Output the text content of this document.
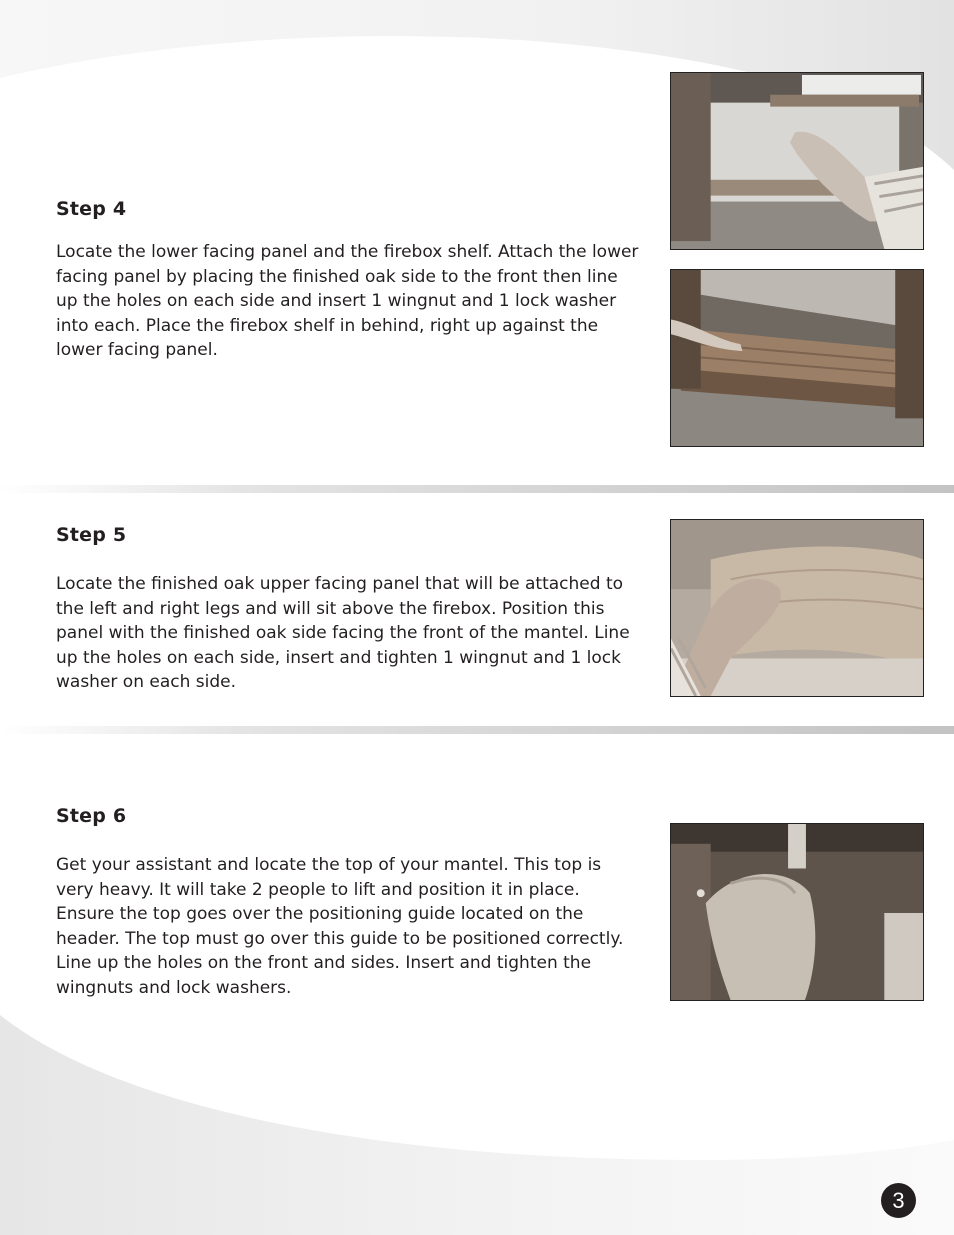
Step 4

Locate the lower facing panel and the firebox shelf. Attach the lower facing panel by placing the finished oak side to the front then line up the holes on each side and insert 1 wingnut and 1 lock washer into each. Place the firebox shelf in behind, right up against the lower facing panel.

Step 5

Locate the finished oak upper facing panel that will be attached to the left and right legs and will sit above the firebox. Position this panel with the finished oak side facing the front of the mantel. Line up the holes on each side, insert and tighten 1 wingnut and 1 lock washer on each side.

Step 6

Get your assistant and locate the top of your mantel. This top is very heavy. It will take 2 people to lift and position it in place. Ensure the top goes over the positioning guide located on the header. The top must go over this guide to be positioned correctly. Line up the holes on the front and sides. Insert and tighten the wingnuts and lock washers.

3
